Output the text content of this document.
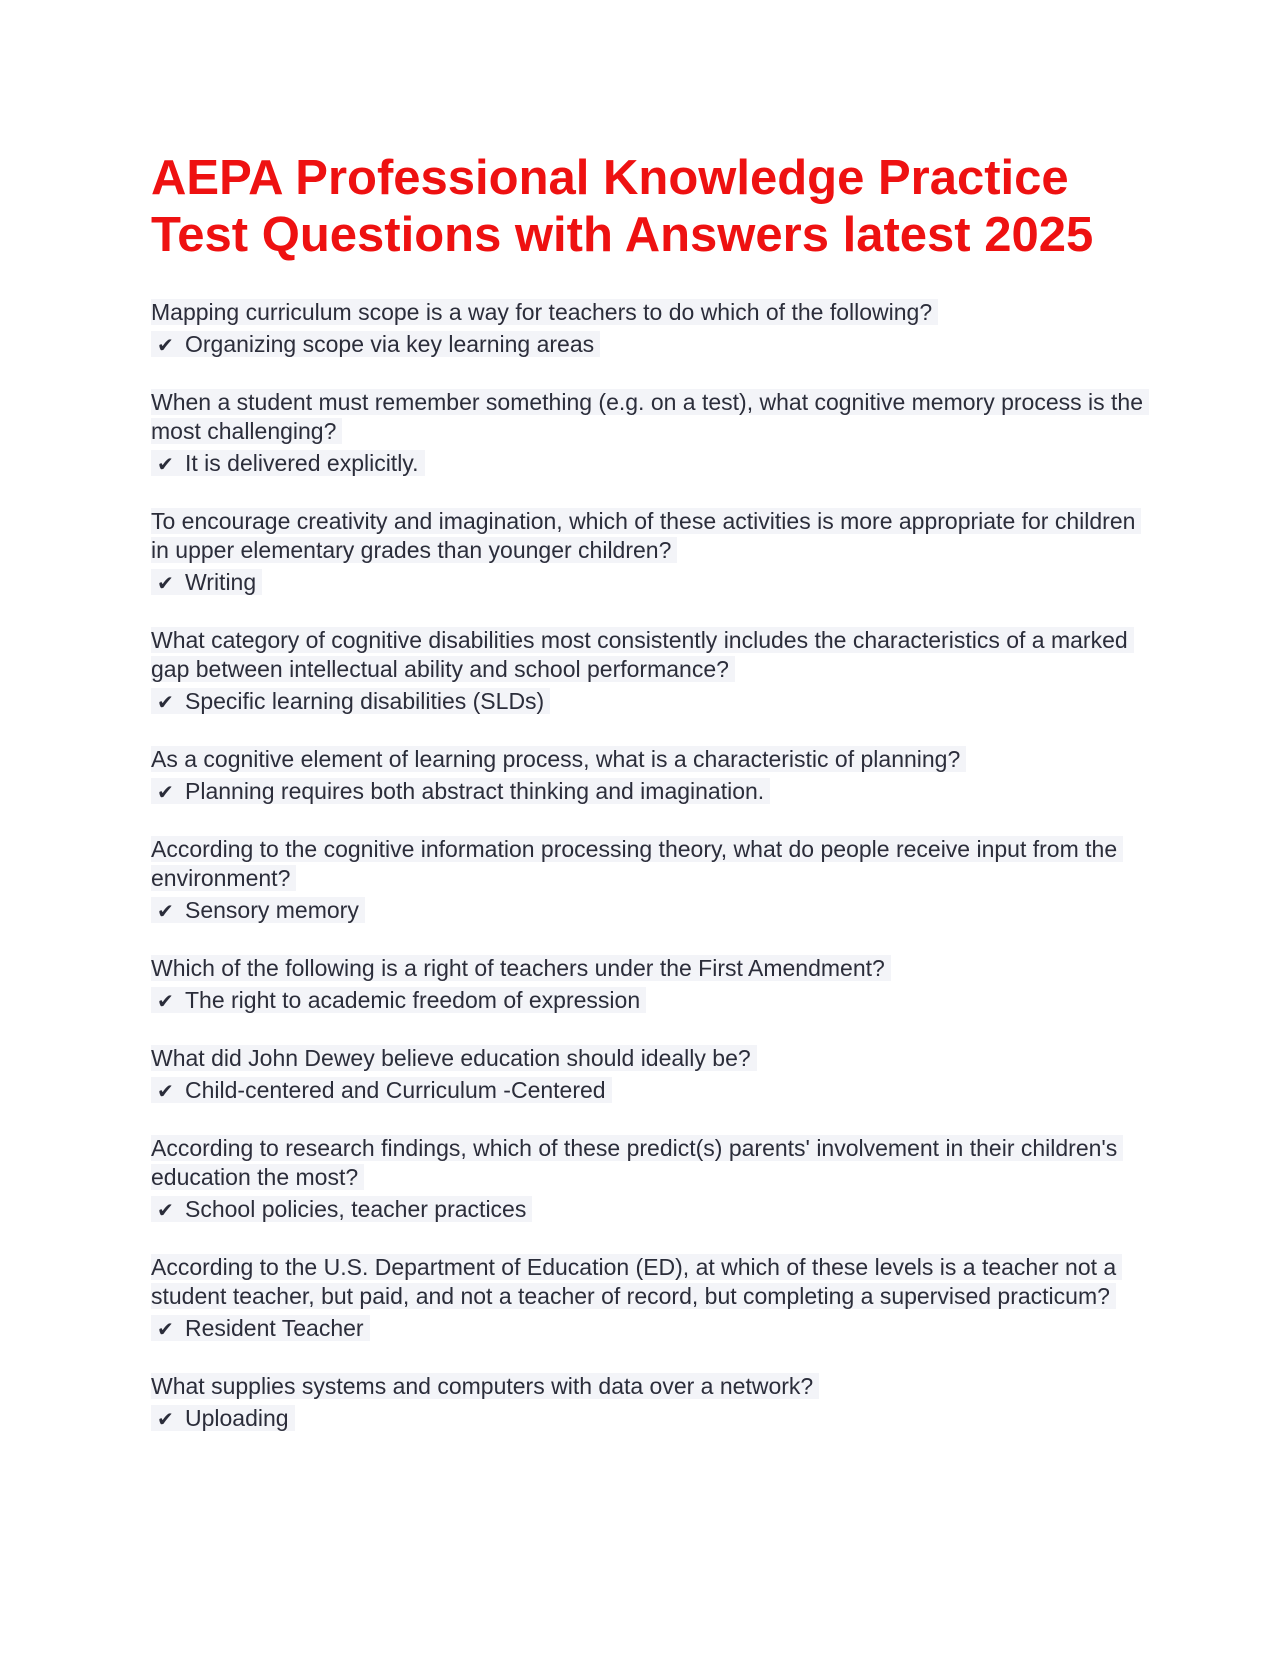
AEPA Professional Knowledge Practice Test Questions with Answers latest 2025
Mapping curriculum scope is a way for teachers to do which of the following?
✔ Organizing scope via key learning areas
When a student must remember something (e.g. on a test), what cognitive memory process is the most challenging?
✔ It is delivered explicitly.
To encourage creativity and imagination, which of these activities is more appropriate for children in upper elementary grades than younger children?
✔ Writing
What category of cognitive disabilities most consistently includes the characteristics of a marked gap between intellectual ability and school performance?
✔ Specific learning disabilities (SLDs)
As a cognitive element of learning process, what is a characteristic of planning?
✔ Planning requires both abstract thinking and imagination.
According to the cognitive information processing theory, what do people receive input from the environment?
✔ Sensory memory
Which of the following is a right of teachers under the First Amendment?
✔ The right to academic freedom of expression
What did John Dewey believe education should ideally be?
✔ Child-centered and Curriculum -Centered
According to research findings, which of these predict(s) parents' involvement in their children's education the most?
✔ School policies, teacher practices
According to the U.S. Department of Education (ED), at which of these levels is a teacher not a student teacher, but paid, and not a teacher of record, but completing a supervised practicum?
✔ Resident Teacher
What supplies systems and computers with data over a network?
✔ Uploading
